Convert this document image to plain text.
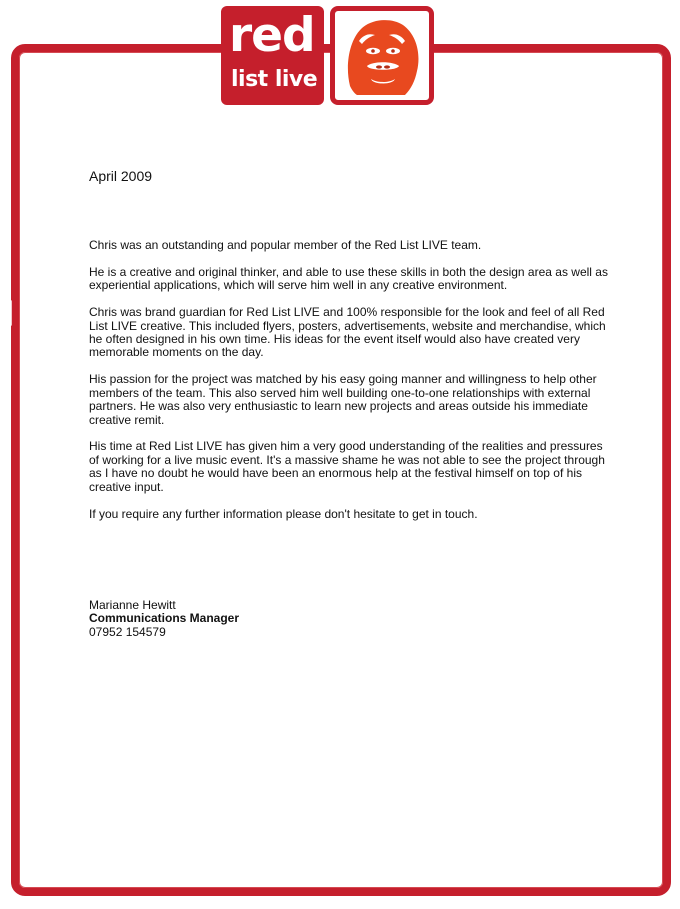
red
list live

April 2009

Chris was an outstanding and popular member of the Red List LIVE team.

He is a creative and original thinker, and able to use these skills in both the design area as well as experiential applications, which will serve him well in any creative environment.

Chris was brand guardian for Red List LIVE and 100% responsible for the look and feel of all Red List LIVE creative. This included flyers, posters, advertisements, website and merchandise, which he often designed in his own time. His ideas for the event itself would also have created very memorable moments on the day.

His passion for the project was matched by his easy going manner and willingness to help other members of the team. This also served him well building one-to-one relationships with external partners. He was also very enthusiastic to learn new projects and areas outside his immediate creative remit.

His time at Red List LIVE has given him a very good understanding of the realities and pressures of working for a live music event. It's a massive shame he was not able to see the project through as I have no doubt he would have been an enormous help at the festival himself on top of his creative input.

If you require any further information please don't hesitate to get in touch.

Marianne Hewitt
Communications Manager
07952 154579
